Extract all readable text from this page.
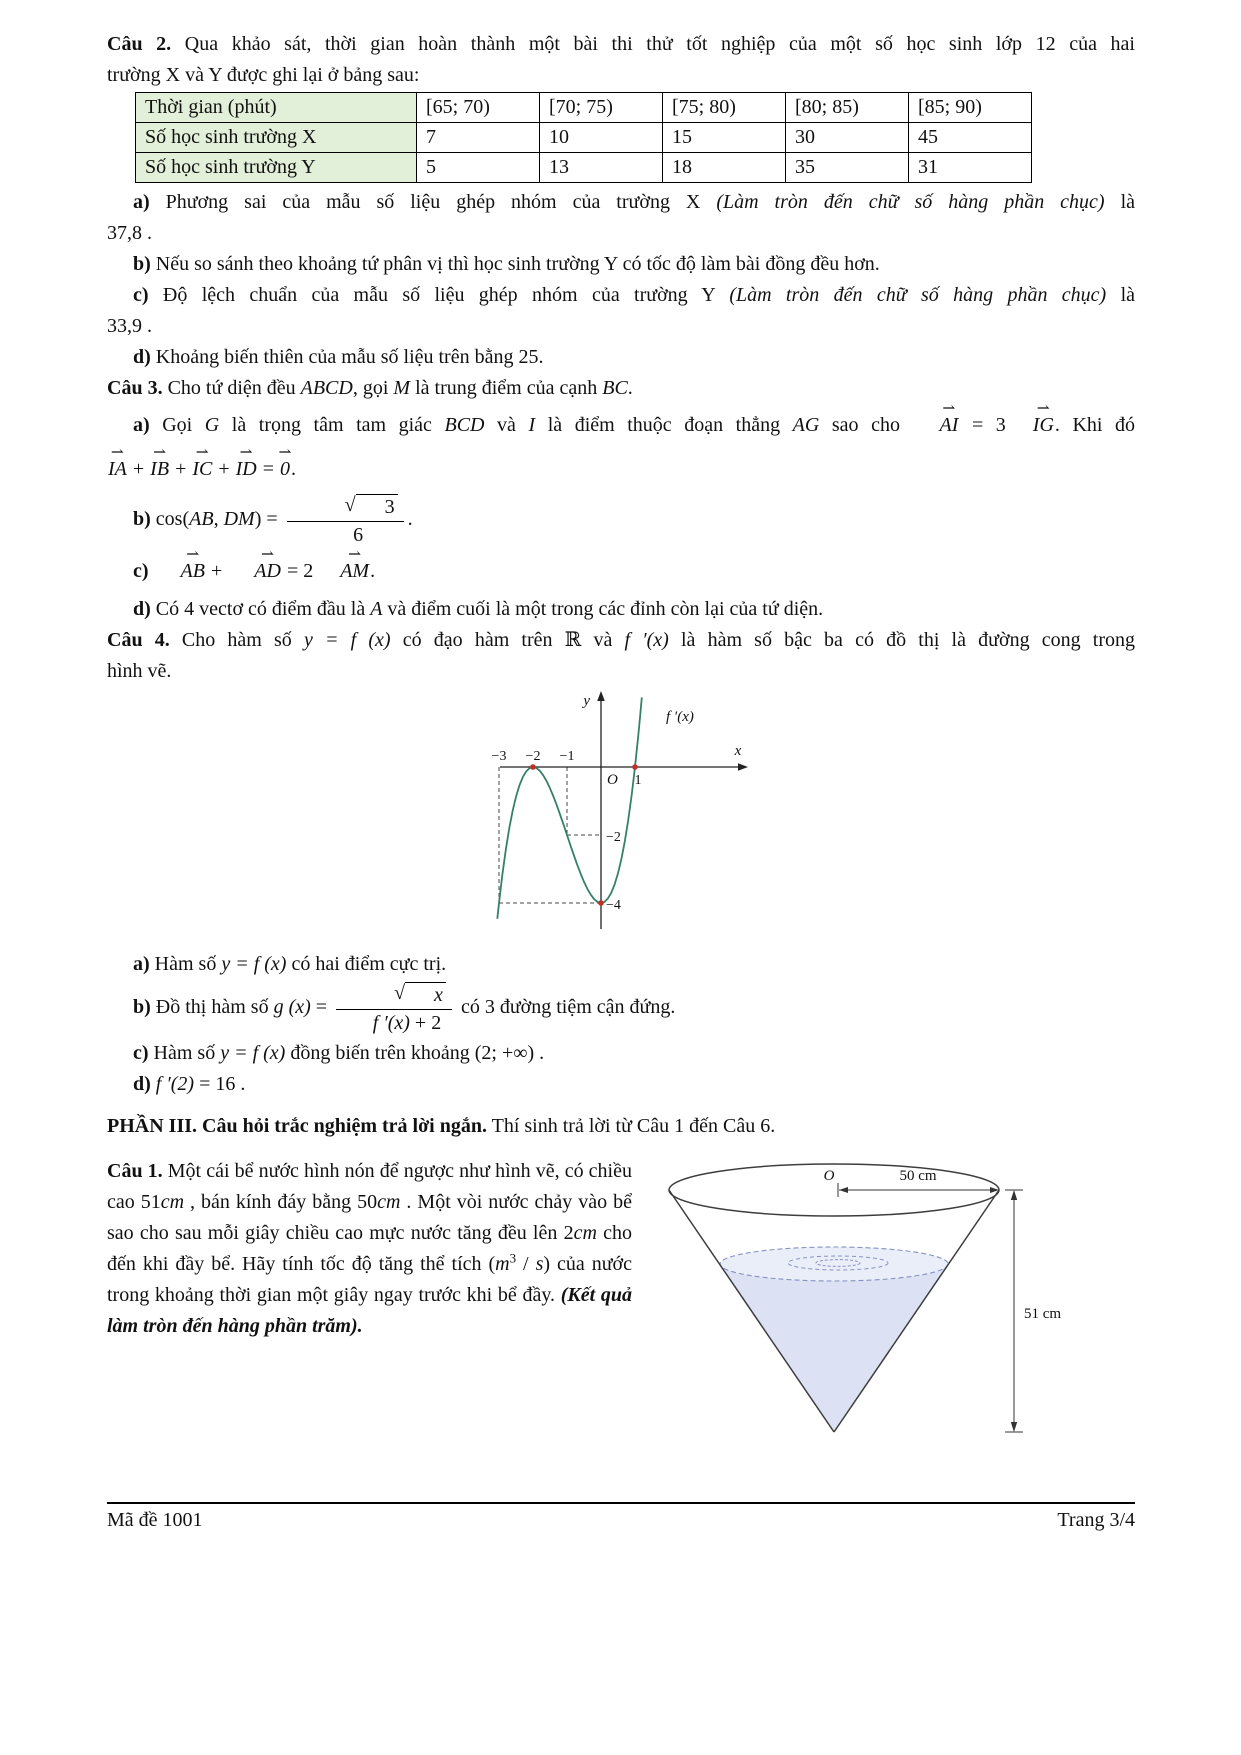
Câu 2. Qua khảo sát, thời gian hoàn thành một bài thi thử tốt nghiệp của một số học sinh lớp 12 của hai

trường X và Y được ghi lại ở bảng sau:

Thời gian (phút)	[65; 70)	[70; 75)	[75; 80)	[80; 85)	[85; 90)
Số học sinh trường X	7	10	15	30	45
Số học sinh trường Y	5	13	18	35	31

a) Phương sai của mẫu số liệu ghép nhóm của trường X (Làm tròn đến chữ số hàng phần chục) là

37,8 .

b) Nếu so sánh theo khoảng tứ phân vị thì học sinh trường Y có tốc độ làm bài đồng đều hơn.

c) Độ lệch chuẩn của mẫu số liệu ghép nhóm của trường Y (Làm tròn đến chữ số hàng phần chục) là

33,9 .

d) Khoảng biến thiên của mẫu số liệu trên bằng 25.

Câu 3. Cho tứ diện đều ABCD, gọi M là trung điểm của cạnh BC.

a) Gọi G là trọng tâm tam giác BCD và I là điểm thuộc đoạn thẳng AG sao cho ⇀ AI = 3 ⇀ IG. Khi đó

⇀ IA + ⇀ IB + ⇀ IC + ⇀ ID = ⇀ 0.

b) cos(AB, DM) = √	3
6 .

c) ⇀ AB + ⇀ AD = 2 ⇀ AM.

d) Có 4 vectơ có điểm đầu là A và điểm cuối là một trong các đỉnh còn lại của tứ diện.

Câu 4. Cho hàm số y = f (x) có đạo hàm trên ℝ và f ′(x) là hàm số bậc ba có đồ thị là đường cong trong

hình vẽ.

y
x
f ′(x)
−3 −2 −1
O 1
−2
−4

a) Hàm số y = f (x) có hai điểm cực trị.

b) Đồ thị hàm số g (x) = √	x
f ′(x) + 2 có 3 đường tiệm cận đứng.

c) Hàm số y = f (x) đồng biến trên khoảng (2; +∞) .

d) f ′(2) = 16 .

PHẦN III. Câu hỏi trắc nghiệm trả lời ngắn. Thí sinh trả lời từ Câu 1 đến Câu 6.

Câu 1. Một cái bể nước hình nón để ngược như hình vẽ, có chiều cao 51cm , bán kính đáy bằng 50cm . Một vòi nước chảy vào bể sao cho sau mỗi giây chiều cao mực nước tăng đều lên 2cm cho đến khi đầy bể. Hãy tính tốc độ tăng thể tích $(m^3 / s)$ của nước trong khoảng thời gian một giây ngay trước khi bể đầy. (Kết quả làm tròn đến hàng phần trăm).
O	50 cm
51 cm
Mã đề 1001	Trang 3/4
